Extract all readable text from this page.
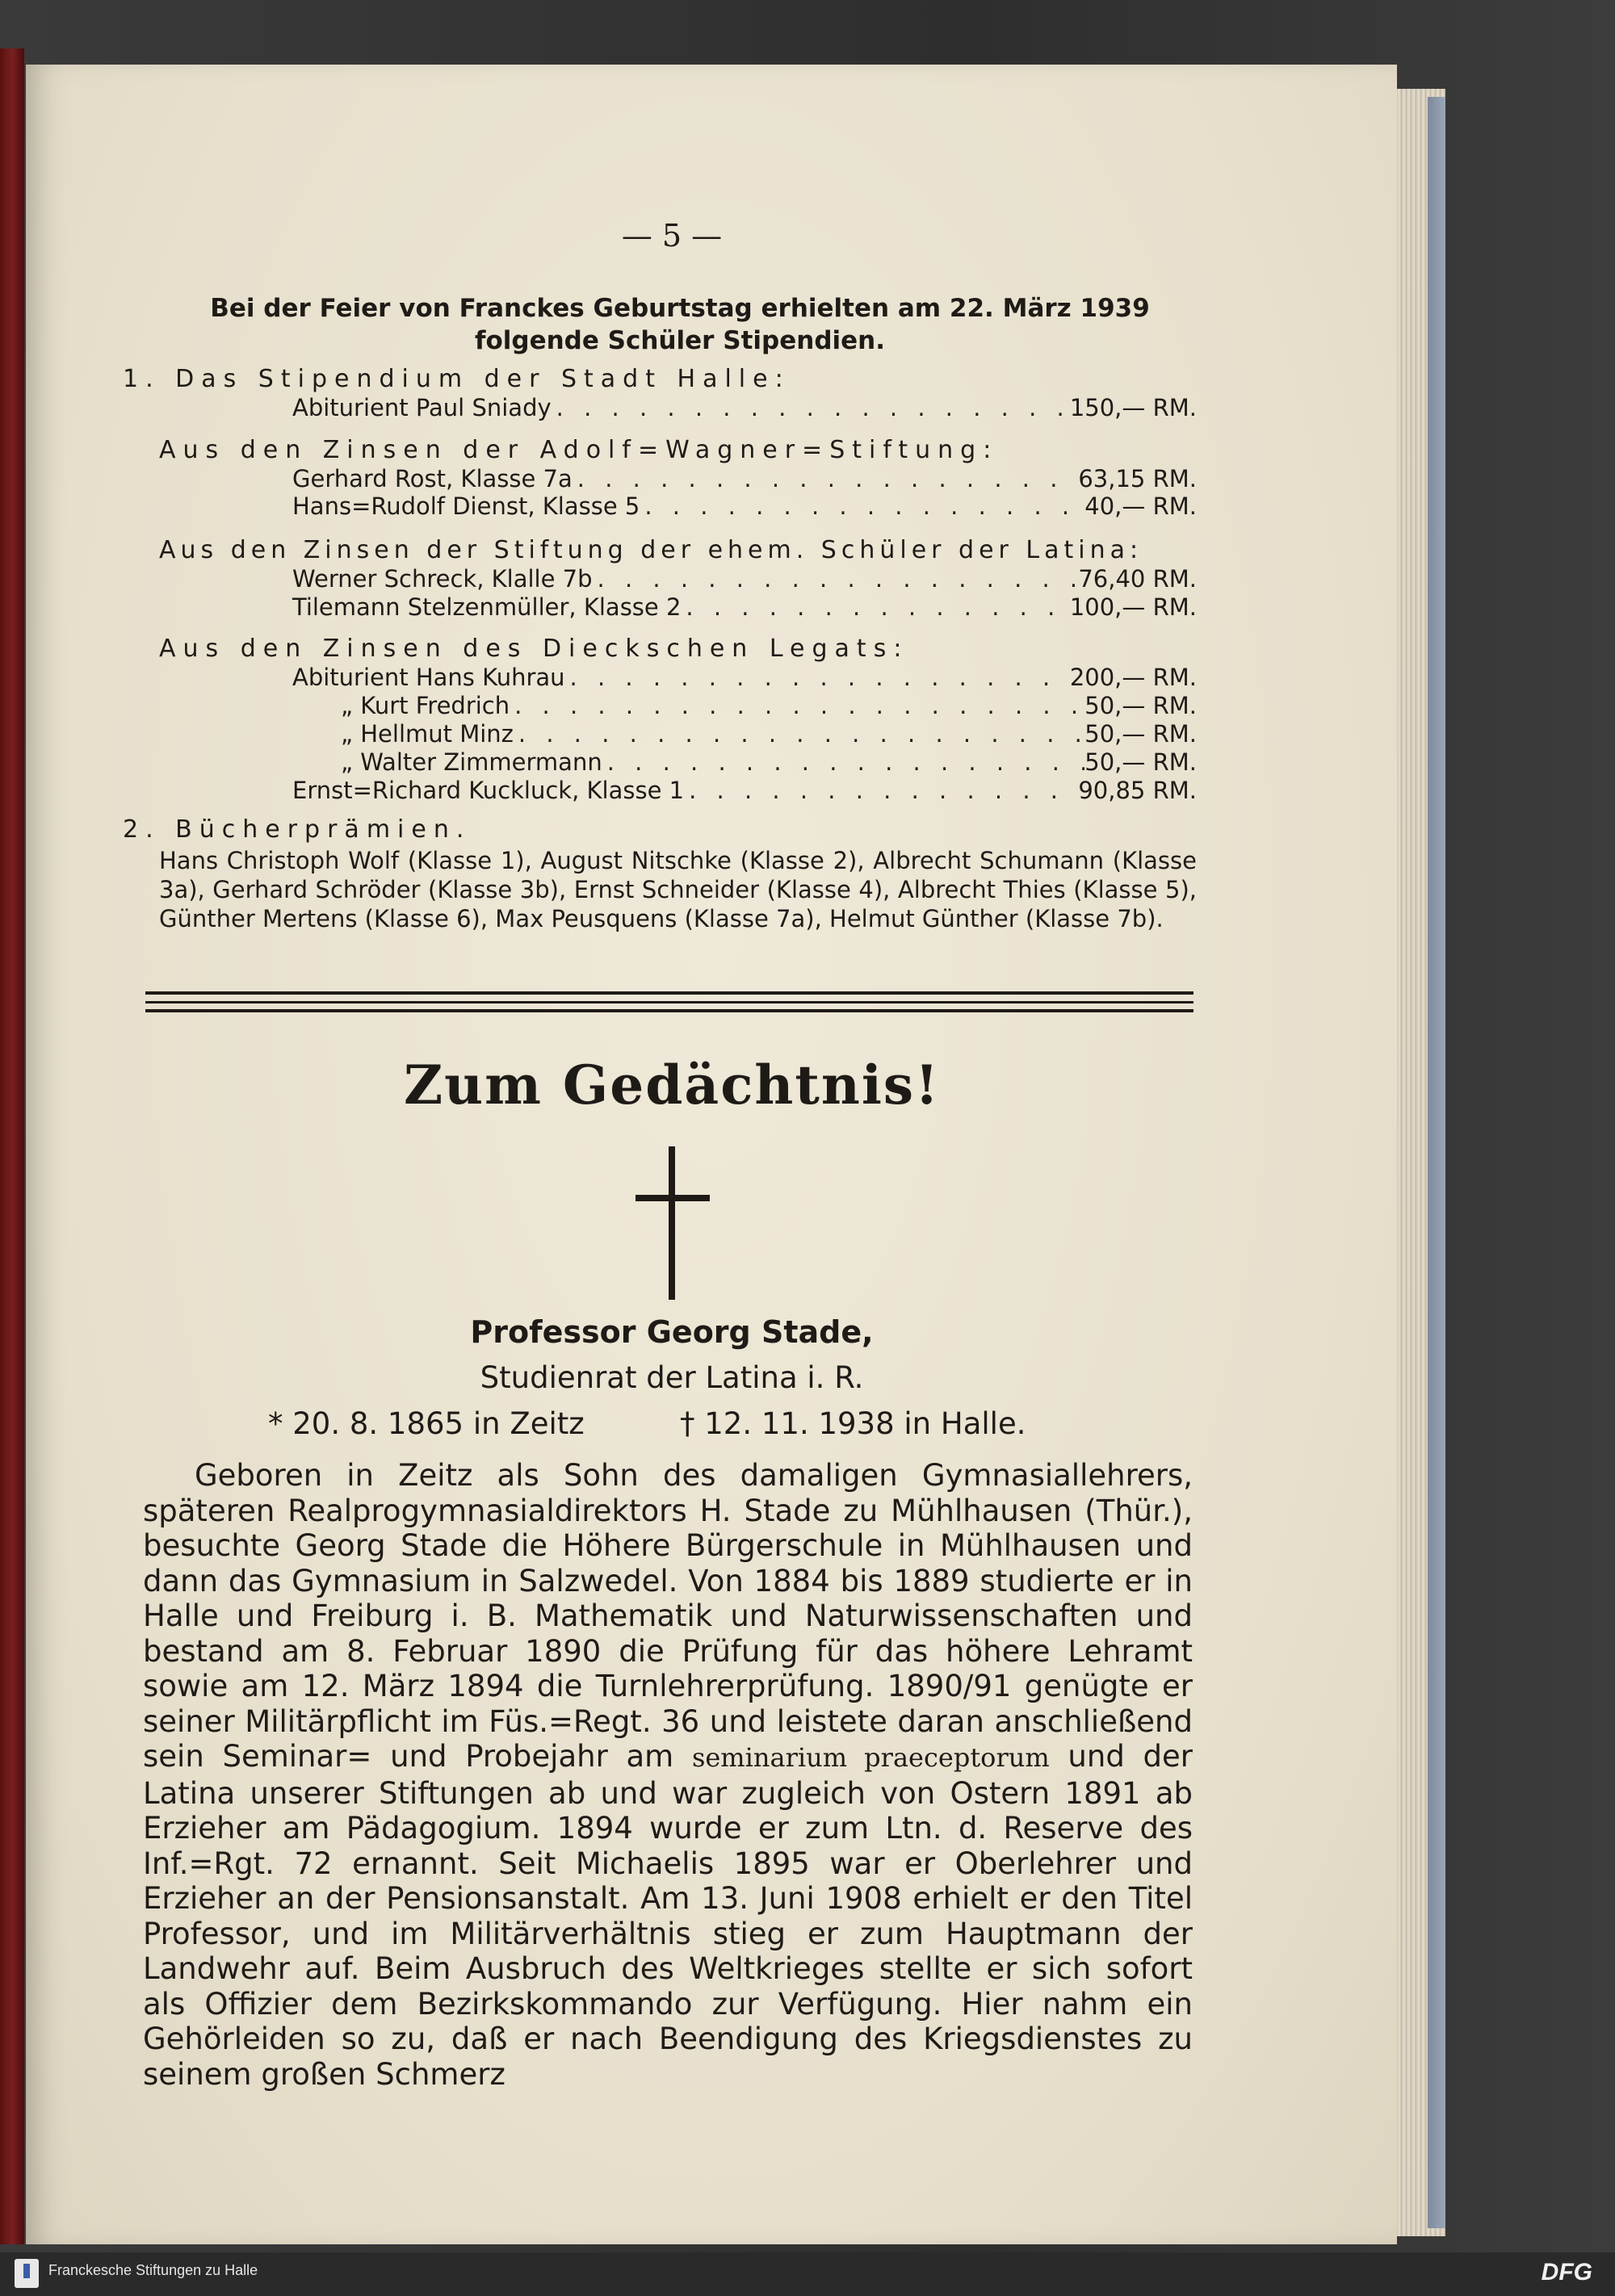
— 5 —
Bei der Feier von Franckes Geburtstag erhielten am 22. März 1939 folgende Schüler Stipendien.
1. Das Stipendium der Stadt Halle:
Abiturient Paul Sniady . . .	150,— RM.
Aus den Zinsen der Adolf=Wagner=Stiftung:
Gerhard Rost, Klasse 7a . . .	63,15 RM.
Hans=Rudolf Dienst, Klasse 5 . . .	40,— RM.
Aus den Zinsen der Stiftung der ehem. Schüler der Latina:
Werner Schreck, Klalle 7b . . .	76,40 RM.
Tilemann Stelzenmüller, Klasse 2 . . .	100,— RM.
Aus den Zinsen des Dieckschen Legats:
Abiturient Hans Kuhrau . . .	200,— RM.
„ Kurt Fredrich . . .	50,— RM.
„ Hellmut Minz . . .	50,— RM.
„ Walter Zimmermann . . .	50,— RM.
Ernst=Richard Kuckluck, Klasse 1 . . .	90,85 RM.
2. Bücherprämien.
Hans Christoph Wolf (Klasse 1), August Nitschke (Klasse 2), Albrecht Schumann (Klasse 3a), Gerhard Schröder (Klasse 3b), Ernst Schneider (Klasse 4), Albrecht Thies (Klasse 5), Günther Mertens (Klasse 6), Max Peusquens (Klasse 7a), Helmut Günther (Klasse 7b).
Zum Gedächtnis!
Professor Georg Stade,
Studienrat der Latina i. R.
* 20. 8. 1865 in Zeitz	† 12. 11. 1938 in Halle.
Geboren in Zeitz als Sohn des damaligen Gymnasiallehrers, späteren Realprogymnasialdirektors H. Stade zu Mühlhausen (Thür.), besuchte Georg Stade die Höhere Bürgerschule in Mühlhausen und dann das Gymnasium in Salzwedel. Von 1884 bis 1889 studierte er in Halle und Freiburg i. B. Mathematik und Naturwissenschaften und bestand am 8. Februar 1890 die Prüfung für das höhere Lehramt sowie am 12. März 1894 die Turnlehrerprüfung. 1890/91 genügte er seiner Militärpflicht im Füs.=Regt. 36 und leistete daran anschließend sein Seminar= und Probejahr am seminarium praeceptorum und der Latina unserer Stiftungen ab und war zugleich von Ostern 1891 ab Erzieher am Pädagogium. 1894 wurde er zum Ltn. d. Reserve des Inf.=Rgt. 72 ernannt. Seit Michaelis 1895 war er Oberlehrer und Erzieher an der Pensionsanstalt. Am 13. Juni 1908 erhielt er den Titel Professor, und im Militärverhältnis stieg er zum Hauptmann der Landwehr auf. Beim Ausbruch des Weltkrieges stellte er sich sofort als Offizier dem Bezirkskommando zur Verfügung. Hier nahm ein Gehörleiden so zu, daß er nach Beendigung des Kriegsdienstes zu seinem großen Schmerz
Franckesche Stiftungen zu Halle	DFG
